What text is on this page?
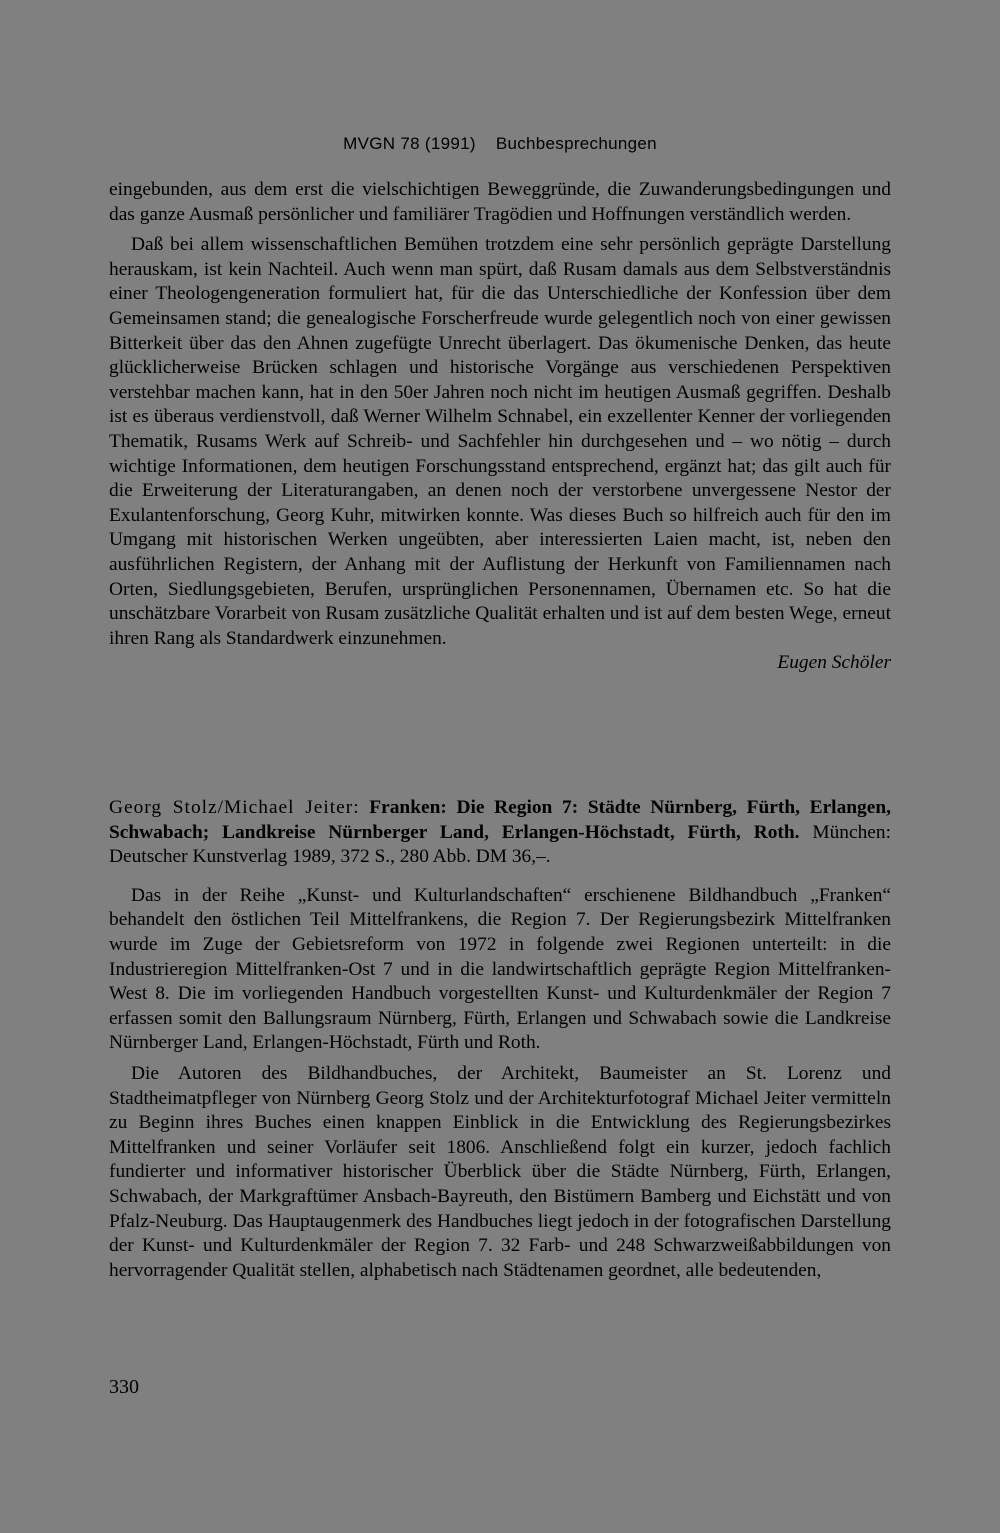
MVGN 78 (1991) Buchbesprechungen

eingebunden, aus dem erst die vielschichtigen Beweggründe, die Zuwanderungsbedingungen und das ganze Ausmaß persönlicher und familiärer Tragödien und Hoffnungen verständlich werden.

Daß bei allem wissenschaftlichen Bemühen trotzdem eine sehr persönlich geprägte Darstellung herauskam, ist kein Nachteil. Auch wenn man spürt, daß Rusam damals aus dem Selbstverständnis einer Theologengeneration formuliert hat, für die das Unterschiedliche der Konfession über dem Gemeinsamen stand; die genealogische Forscherfreude wurde gelegentlich noch von einer gewissen Bitterkeit über das den Ahnen zugefügte Unrecht überlagert. Das ökumenische Denken, das heute glücklicherweise Brücken schlagen und historische Vorgänge aus verschiedenen Perspektiven verstehbar machen kann, hat in den 50er Jahren noch nicht im heutigen Ausmaß gegriffen. Deshalb ist es überaus verdienstvoll, daß Werner Wilhelm Schnabel, ein exzellenter Kenner der vorliegenden Thematik, Rusams Werk auf Schreib- und Sachfehler hin durchgesehen und – wo nötig – durch wichtige Informationen, dem heutigen Forschungsstand entsprechend, ergänzt hat; das gilt auch für die Erweiterung der Literaturangaben, an denen noch der verstorbene unvergessene Nestor der Exulantenforschung, Georg Kuhr, mitwirken konnte. Was dieses Buch so hilfreich auch für den im Umgang mit historischen Werken ungeübten, aber interessierten Laien macht, ist, neben den ausführlichen Registern, der Anhang mit der Auflistung der Herkunft von Familiennamen nach Orten, Siedlungsgebieten, Berufen, ursprünglichen Personennamen, Übernamen etc. So hat die unschätzbare Vorarbeit von Rusam zusätzliche Qualität erhalten und ist auf dem besten Wege, erneut ihren Rang als Standardwerk einzunehmen.

Eugen Schöler

Georg Stolz/Michael Jeiter: Franken: Die Region 7: Städte Nürnberg, Fürth, Erlangen, Schwabach; Landkreise Nürnberger Land, Erlangen-Höchstadt, Fürth, Roth. München: Deutscher Kunstverlag 1989, 372 S., 280 Abb. DM 36,–.

Das in der Reihe „Kunst- und Kulturlandschaften“ erschienene Bildhandbuch „Franken“ behandelt den östlichen Teil Mittelfrankens, die Region 7. Der Regierungsbezirk Mittelfranken wurde im Zuge der Gebietsreform von 1972 in folgende zwei Regionen unterteilt: in die Industrieregion Mittelfranken-Ost 7 und in die landwirtschaftlich geprägte Region Mittelfranken-West 8. Die im vorliegenden Handbuch vorgestellten Kunst- und Kulturdenkmäler der Region 7 erfassen somit den Ballungsraum Nürnberg, Fürth, Erlangen und Schwabach sowie die Landkreise Nürnberger Land, Erlangen-Höchstadt, Fürth und Roth.

Die Autoren des Bildhandbuches, der Architekt, Baumeister an St. Lorenz und Stadtheimatpfleger von Nürnberg Georg Stolz und der Architekturfotograf Michael Jeiter vermitteln zu Beginn ihres Buches einen knappen Einblick in die Entwicklung des Regierungsbezirkes Mittelfranken und seiner Vorläufer seit 1806. Anschließend folgt ein kurzer, jedoch fachlich fundierter und informativer historischer Überblick über die Städte Nürnberg, Fürth, Erlangen, Schwabach, der Markgraftümer Ansbach-Bayreuth, den Bistümern Bamberg und Eichstätt und von Pfalz-Neuburg. Das Hauptaugenmerk des Handbuches liegt jedoch in der fotografischen Darstellung der Kunst- und Kulturdenkmäler der Region 7. 32 Farb- und 248 Schwarzweißabbildungen von hervorragender Qualität stellen, alphabetisch nach Städtenamen geordnet, alle bedeutenden,

330
